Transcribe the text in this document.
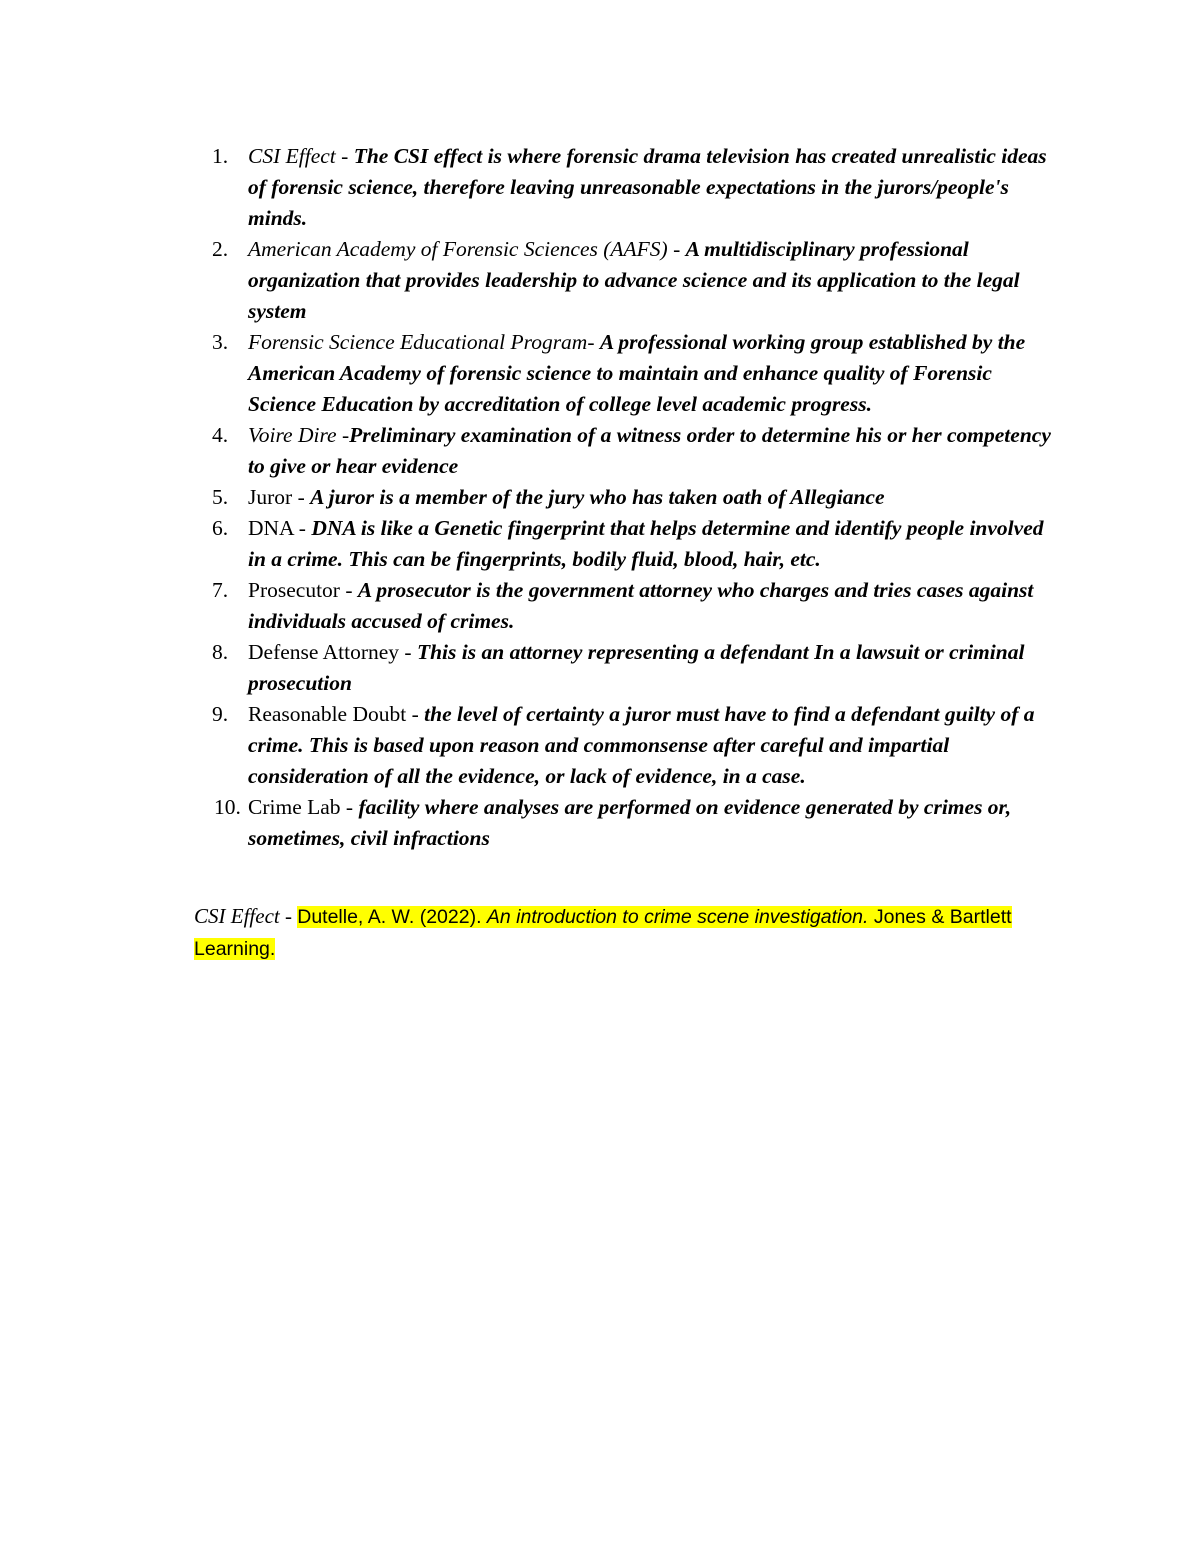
1. CSI Effect - The CSI effect is where forensic drama television has created unrealistic ideas of forensic science, therefore leaving unreasonable expectations in the jurors/people's minds.
2. American Academy of Forensic Sciences (AAFS) - A multidisciplinary professional organization that provides leadership to advance science and its application to the legal system
3. Forensic Science Educational Program- A professional working group established by the American Academy of forensic science to maintain and enhance quality of Forensic Science Education by accreditation of college level academic progress.
4. Voire Dire -Preliminary examination of a witness order to determine his or her competency to give or hear evidence
5. Juror - A juror is a member of the jury who has taken oath of Allegiance
6. DNA - DNA is like a Genetic fingerprint that helps determine and identify people involved in a crime. This can be fingerprints, bodily fluid, blood, hair, etc.
7. Prosecutor - A prosecutor is the government attorney who charges and tries cases against individuals accused of crimes.
8. Defense Attorney - This is an attorney representing a defendant In a lawsuit or criminal prosecution
9. Reasonable Doubt - the level of certainty a juror must have to find a defendant guilty of a crime. This is based upon reason and commonsense after careful and impartial consideration of all the evidence, or lack of evidence, in a case.
10. Crime Lab - facility where analyses are performed on evidence generated by crimes or, sometimes, civil infractions

CSI Effect - Dutelle, A. W. (2022). An introduction to crime scene investigation. Jones & Bartlett Learning.
